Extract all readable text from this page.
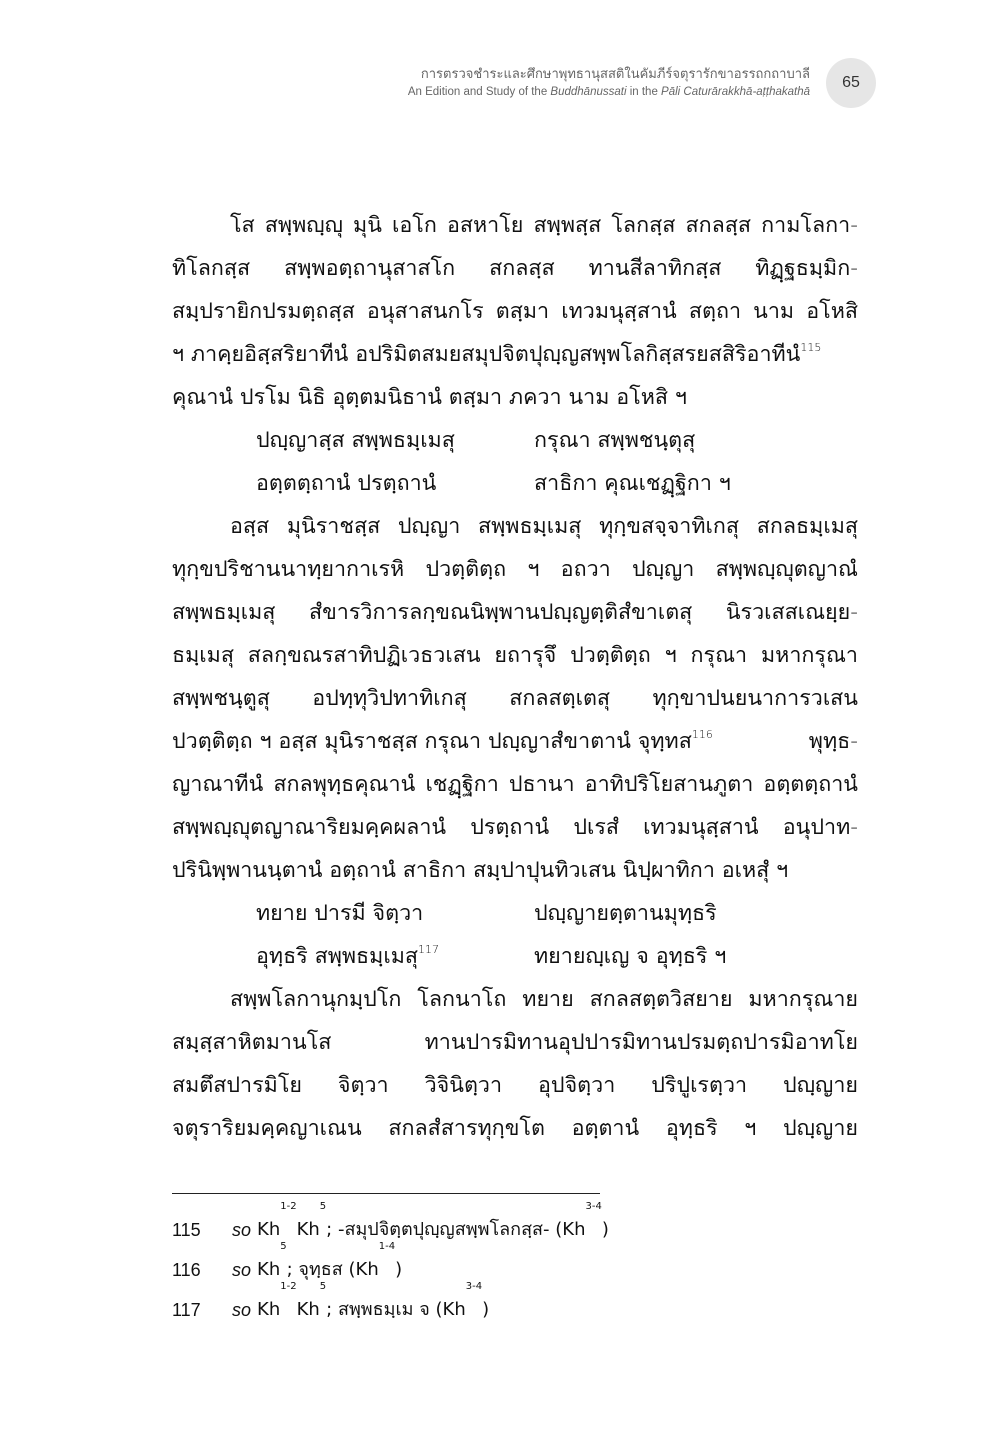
การตรวจชำระและศึกษาพุทธานุสสติในคัมภีร์จตุรารักขาอรรถกถาบาลี
An Edition and Study of the Buddhānussati in the Pāli Caturārakkhā-aṭṭhakathā
65
โส สพฺพญฺญุ มุนิ เอโก อสหาโย สพฺพสฺส โลกสฺส สกลสฺส กามโลกา-
ทิโลกสฺส สพฺพอตฺถานุสาสโก สกลสฺส ทานสีลาทิกสฺส ทิฏฺฐธมฺมิก-
สมฺปรายิกปรมตฺถสฺส อนุสาสนกโร ตสฺมา เทวมนุสฺสานํ สตฺถา นาม อโหสิ
ฯ ภาคฺยอิสฺสริยาทีนํ อปริมิตสมยสมุปจิตปุญฺญสพฺพโลกิสฺสรยสสิริอาทีนํ$^{115}$
คุณานํ ปรโม นิธิ อุตฺตมนิธานํ ตสฺมา ภควา นาม อโหสิ ฯ
ปญฺญาสฺส สพฺพธมฺเมสุ	กรุณา สพฺพชนฺตุสุ
อตฺตตฺถานํ ปรตฺถานํ	สาธิกา คุณเชฏฺฐิกา ฯ
อสฺส มุนิราชสฺส ปญฺญา สพฺพธมฺเมสุ ทุกฺขสจฺจาทิเกสุ สกลธมฺเมสุ
ทุกฺขปริชานนาทฺยากาเรหิ ปวตฺติตฺถ ฯ อถวา ปญฺญา สพฺพญฺญุตญาณํ
สพฺพธมฺเมสุ สํขารวิการลกฺขณนิพฺพานปญฺญตฺติสํขาเตสุ นิรวเสสเณยฺย-
ธมฺเมสุ สลกฺขณรสาทิปฏิเวธวเสน ยถารุจึ ปวตฺติตฺถ ฯ กรุณา มหากรุณา
สพฺพชนฺตูสุ อปทฺทุวิปทาทิเกสุ สกลสตฺเตสุ ทุกฺขาปนยนาการวเสน
ปวตฺติตฺถ ฯ อสฺส มุนิราชสฺส กรุณา ปญฺญาสํขาตานํ จุทฺทส$^{116}$	พุทฺธ-
ญาณาทีนํ สกลพุทฺธคุณานํ เชฏฺฐิกา ปธานา อาทิปริโยสานภูตา อตฺตตฺถานํ
สพฺพญฺญุตญาณาริยมคฺคผลานํ ปรตฺถานํ ปเรสํ เทวมนุสฺสานํ อนุปาท-
ปรินิพฺพานนฺตานํ อตฺถานํ สาธิกา สมฺปาปุนทิวเสน นิปฺผาทิกา อเหสุํ ฯ
ทยาย ปารมี จิตฺวา	ปญฺญายตฺตานมุทฺธริ
อุทฺธริ สพฺพธมฺเมสุ$^{117}$	ทยายญฺเญ จ อุทฺธริ ฯ
สพฺพโลกานุกมฺปโก โลกนาโถ ทยาย สกลสตฺตวิสยาย มหากรุณาย
สมฺสฺสาหิตมานโส ทานปารมิทานอุปปารมิทานปรมตฺถปารมิอาทโย
สมตึสปารมิโย จิตฺวา วิจินิตฺวา อุปจิตฺวา ปริปูเรตฺวา ปญฺญาย
จตุราริยมคฺคญาเณน สกลสํสารทุกฺขโต อตฺตานํ อุทฺธริ ฯ ปญฺญาย
115	so Kh
$^{1-2}$
Kh
$^5$
; -สมุปจิตฺตปุญฺญสพฺพโลกสฺส- (Kh
$^{3-4}$
)
116	so Kh
$^5$
; จุทฺธส (Kh
$^{1-4}$
)
117	so Kh
$^{1-2}$
Kh
$^5$
; สพฺพธมฺเม จ (Kh
$^{3-4}$
)
